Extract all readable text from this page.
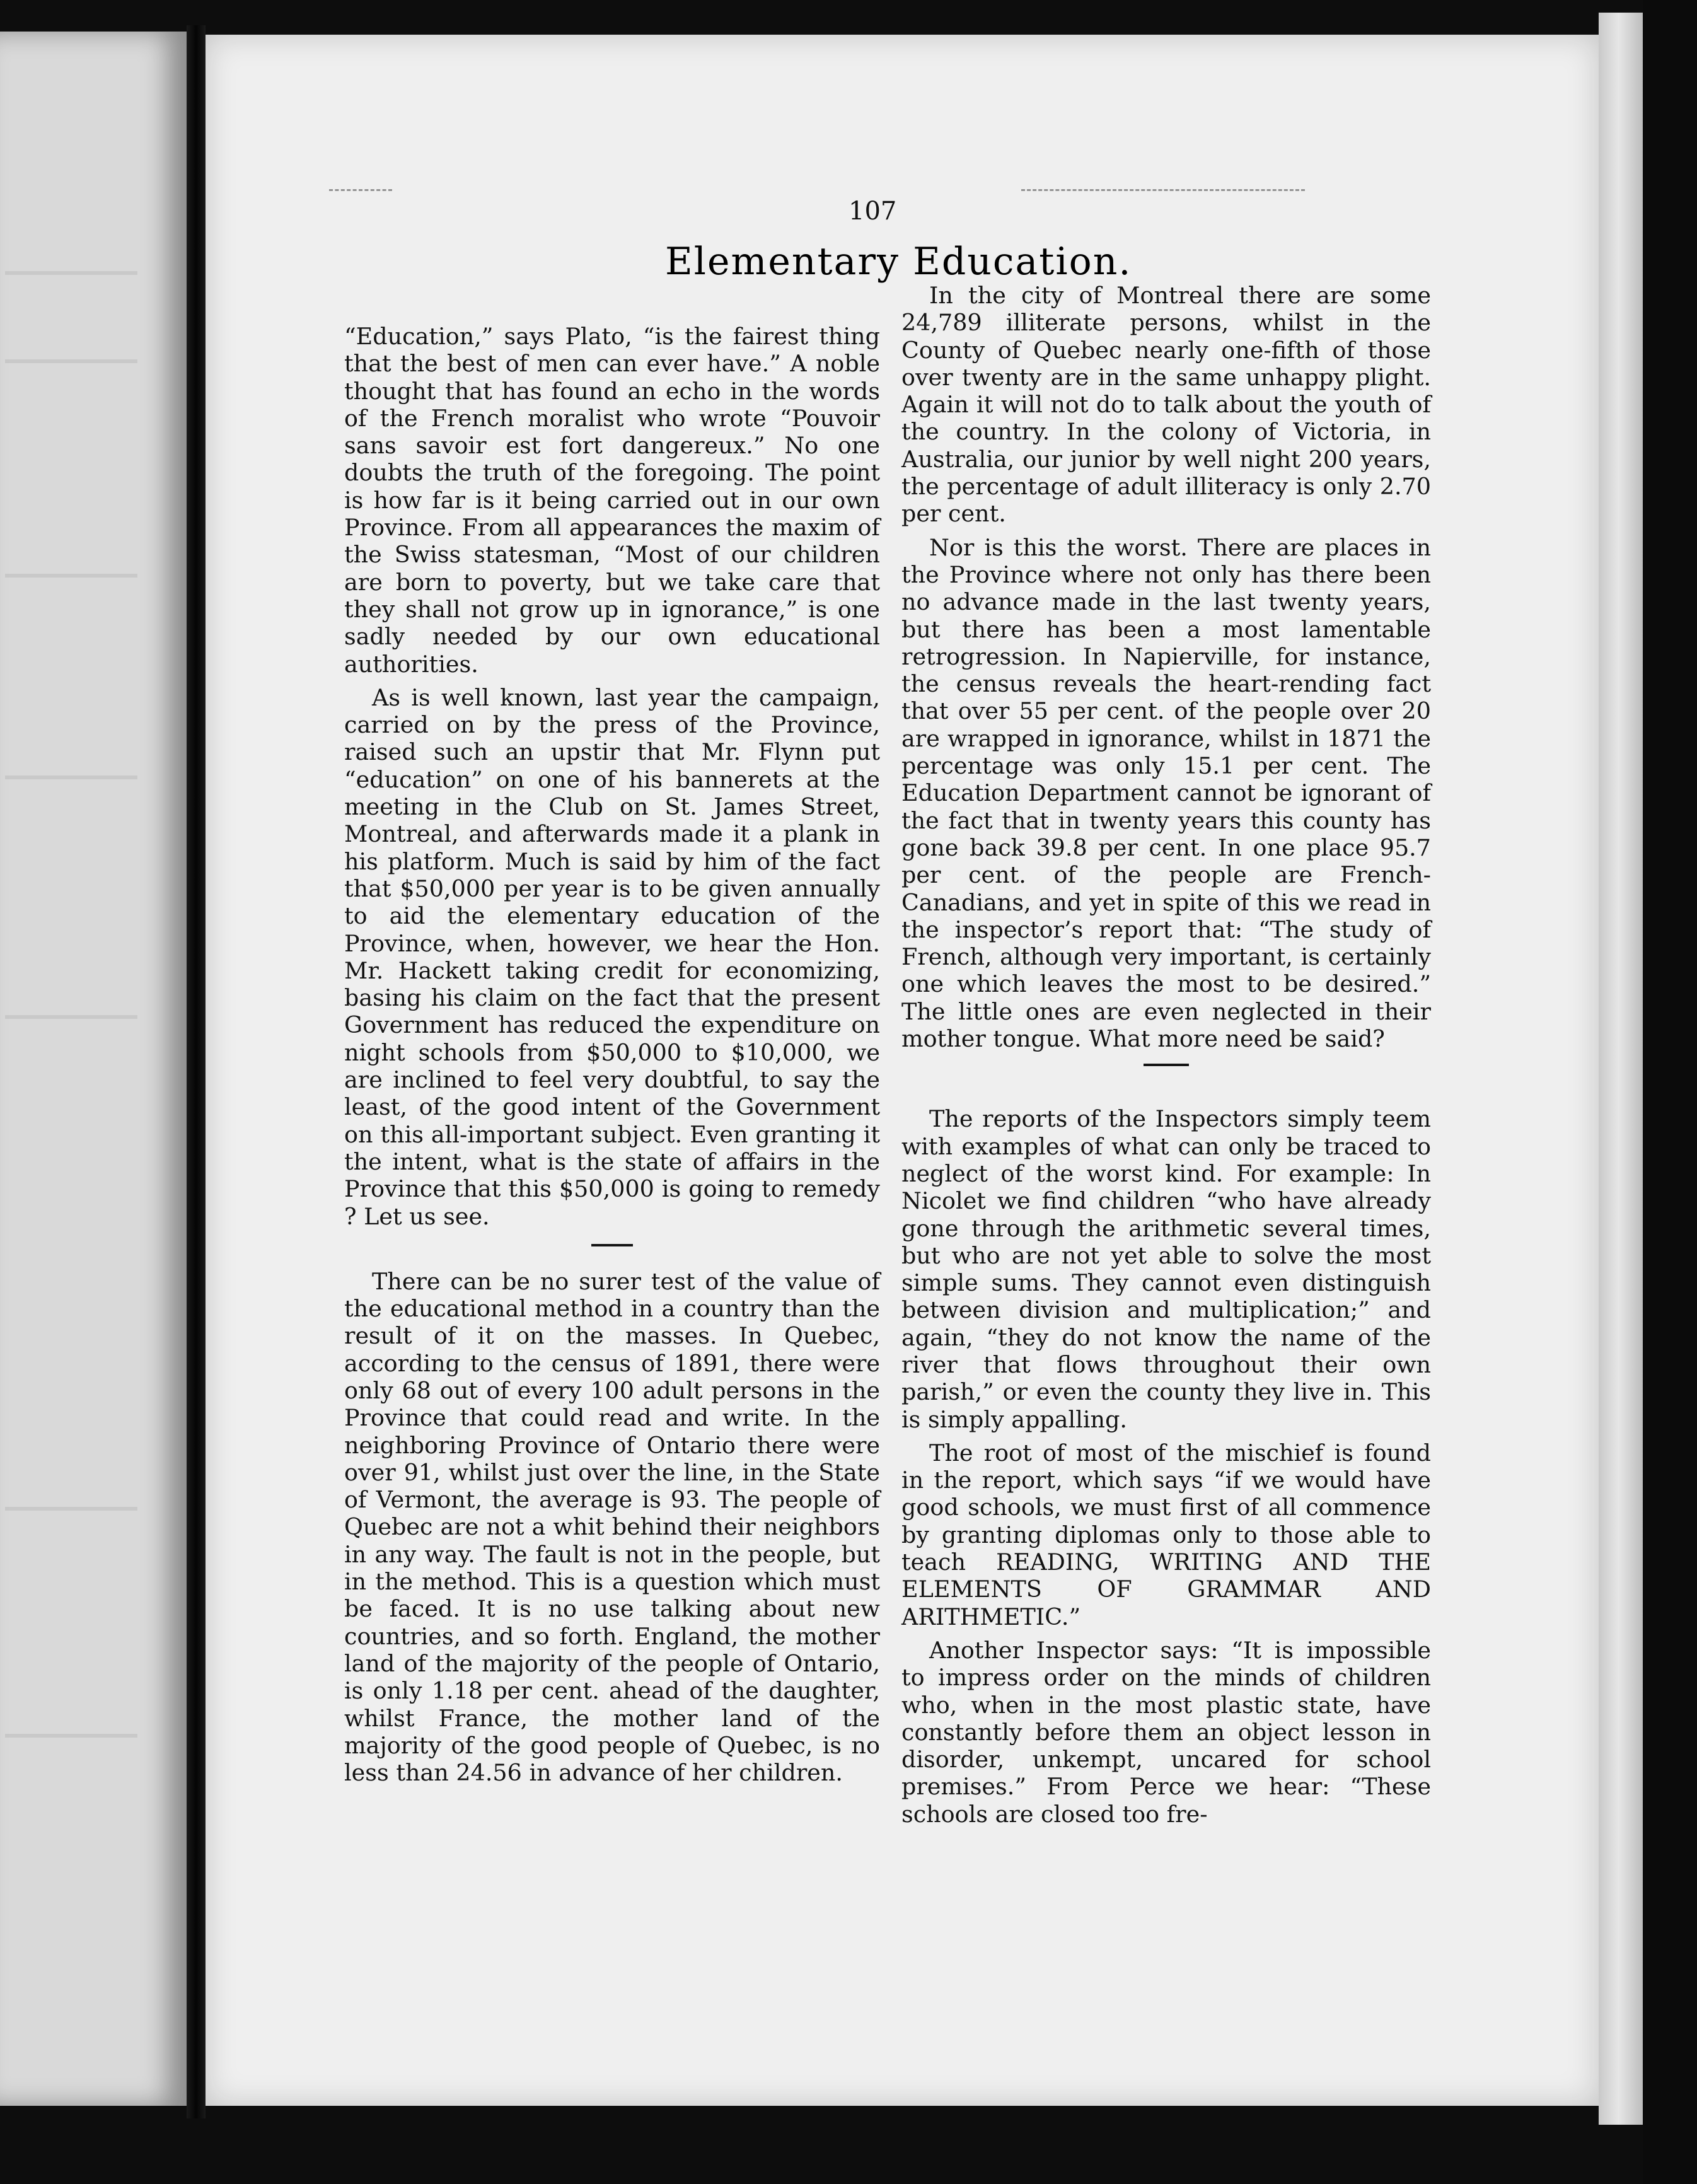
107
Elementary Education.

“Education,” says Plato, “is the fairest thing that the best of men can ever have.” A noble thought that has found an echo in the words of the French moralist who wrote “Pouvoir sans savoir est fort dangereux.” No one doubts the truth of the foregoing. The point is how far is it being carried out in our own Province. From all appearances the maxim of the Swiss statesman, “Most of our children are born to poverty, but we take care that they shall not grow up in ignorance,” is one sadly needed by our own educational authorities.

As is well known, last year the campaign, carried on by the press of the Province, raised such an upstir that Mr. Flynn put “education” on one of his bannerets at the meeting in the Club on St. James Street, Montreal, and afterwards made it a plank in his platform. Much is said by him of the fact that $50,000 per year is to be given annually to aid the elementary education of the Province, when, however, we hear the Hon. Mr. Hackett taking credit for economizing, basing his claim on the fact that the present Government has reduced the expenditure on night schools from $50,000 to $10,000, we are inclined to feel very doubtful, to say the least, of the good intent of the Government on this all-important subject. Even granting it the intent, what is the state of affairs in the Province that this $50,000 is going to remedy ? Let us see.

There can be no surer test of the value of the educational method in a country than the result of it on the masses. In Quebec, according to the census of 1891, there were only 68 out of every 100 adult persons in the Province that could read and write. In the neighboring Province of Ontario there were over 91, whilst just over the line, in the State of Vermont, the average is 93. The people of Quebec are not a whit behind their neighbors in any way. The fault is not in the people, but in the method. This is a question which must be faced. It is no use talking about new countries, and so forth. England, the mother land of the majority of the people of Ontario, is only 1.18 per cent. ahead of the daughter, whilst France, the mother land of the majority of the good people of Quebec, is no less than 24.56 in advance of her children.

In the city of Montreal there are some 24,789 illiterate persons, whilst in the County of Quebec nearly one-fifth of those over twenty are in the same unhappy plight. Again it will not do to talk about the youth of the country. In the colony of Victoria, in Australia, our junior by well night 200 years, the percentage of adult illiteracy is only 2.70 per cent.

Nor is this the worst. There are places in the Province where not only has there been no advance made in the last twenty years, but there has been a most lamentable retrogression. In Napierville, for instance, the census reveals the heart-rending fact that over 55 per cent. of the people over 20 are wrapped in ignorance, whilst in 1871 the percentage was only 15.1 per cent. The Education Department cannot be ignorant of the fact that in twenty years this county has gone back 39.8 per cent. In one place 95.7 per cent. of the people are French-Canadians, and yet in spite of this we read in the inspector’s report that: “The study of French, although very important, is certainly one which leaves the most to be desired.” The little ones are even neglected in their mother tongue. What more need be said?

The reports of the Inspectors simply teem with examples of what can only be traced to neglect of the worst kind. For example: In Nicolet we find children “who have already gone through the arithmetic several times, but who are not yet able to solve the most simple sums. They cannot even distinguish between division and multiplication;” and again, “they do not know the name of the river that flows throughout their own parish,” or even the county they live in. This is simply appalling.

The root of most of the mischief is found in the report, which says “if we would have good schools, we must first of all commence by granting diplomas only to those able to teach READING, WRITING AND THE ELEMENTS OF GRAMMAR AND ARITHMETIC.”

Another Inspector says: “It is impossible to impress order on the minds of children who, when in the most plastic state, have constantly before them an object lesson in disorder, unkempt, uncared for school premises.” From Perce we hear: “These schools are closed too fre-
